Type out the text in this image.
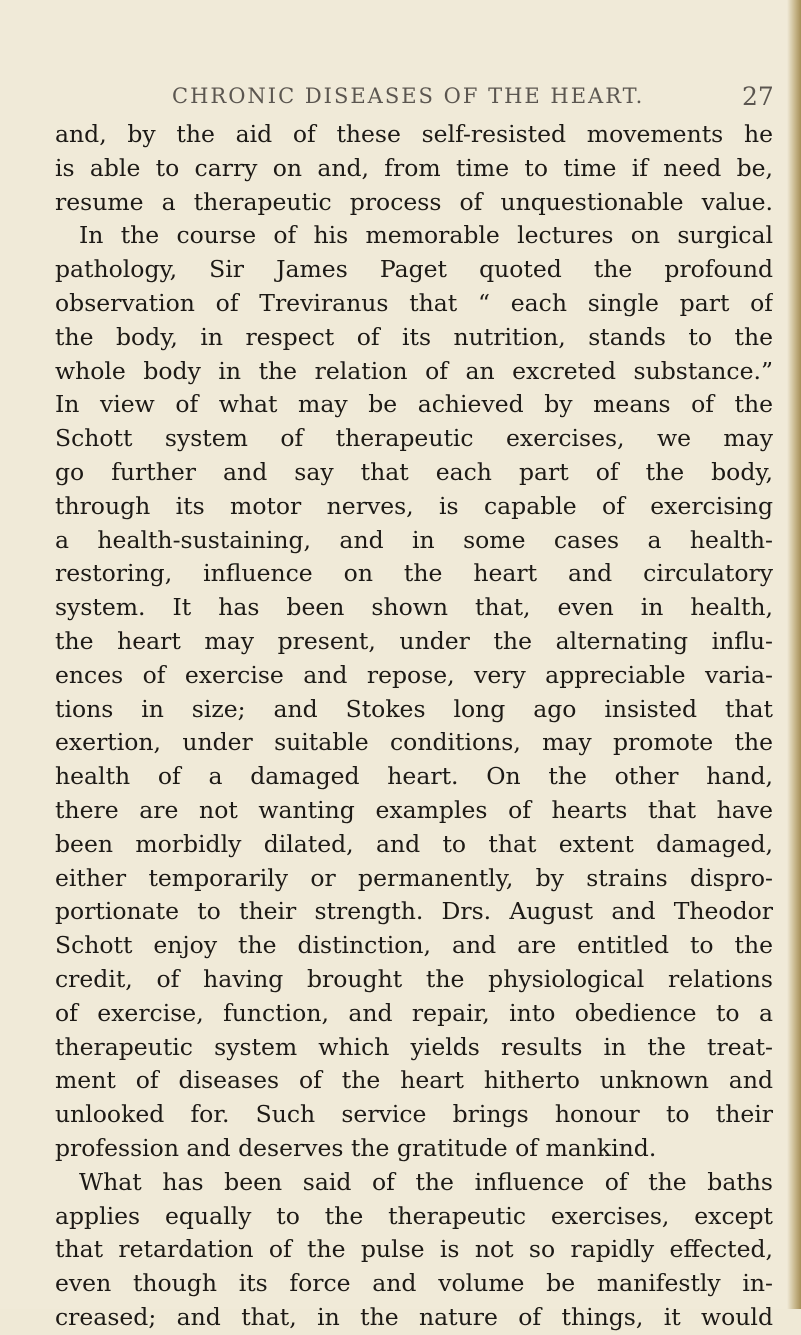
CHRONIC DISEASES OF THE HEART.	27
and, by the aid of these self-resisted movements he
is able to carry on and, from time to time if need be,
resume a therapeutic process of unquestionable value.
In the course of his memorable lectures on surgical
pathology, Sir James Paget quoted the profound
observation of Treviranus that “ each single part of
the body, in respect of its nutrition, stands to the
whole body in the relation of an excreted substance.”
In view of what may be achieved by means of the
Schott system of therapeutic exercises, we may
go further and say that each part of the body,
through its motor nerves, is capable of exercising
a health-sustaining, and in some cases a health-
restoring, influence on the heart and circulatory
system. It has been shown that, even in health,
the heart may present, under the alternating influ-
ences of exercise and repose, very appreciable varia-
tions in size; and Stokes long ago insisted that
exertion, under suitable conditions, may promote the
health of a damaged heart. On the other hand,
there are not wanting examples of hearts that have
been morbidly dilated, and to that extent damaged,
either temporarily or permanently, by strains dispro-
portionate to their strength. Drs. August and Theodor
Schott enjoy the distinction, and are entitled to the
credit, of having brought the physiological relations
of exercise, function, and repair, into obedience to a
therapeutic system which yields results in the treat-
ment of diseases of the heart hitherto unknown and
unlooked for. Such service brings honour to their
profession and deserves the gratitude of mankind.
What has been said of the influence of the baths
applies equally to the therapeutic exercises, except
that retardation of the pulse is not so rapidly effected,
even though its force and volume be manifestly in-
creased; and that, in the nature of things, it would
